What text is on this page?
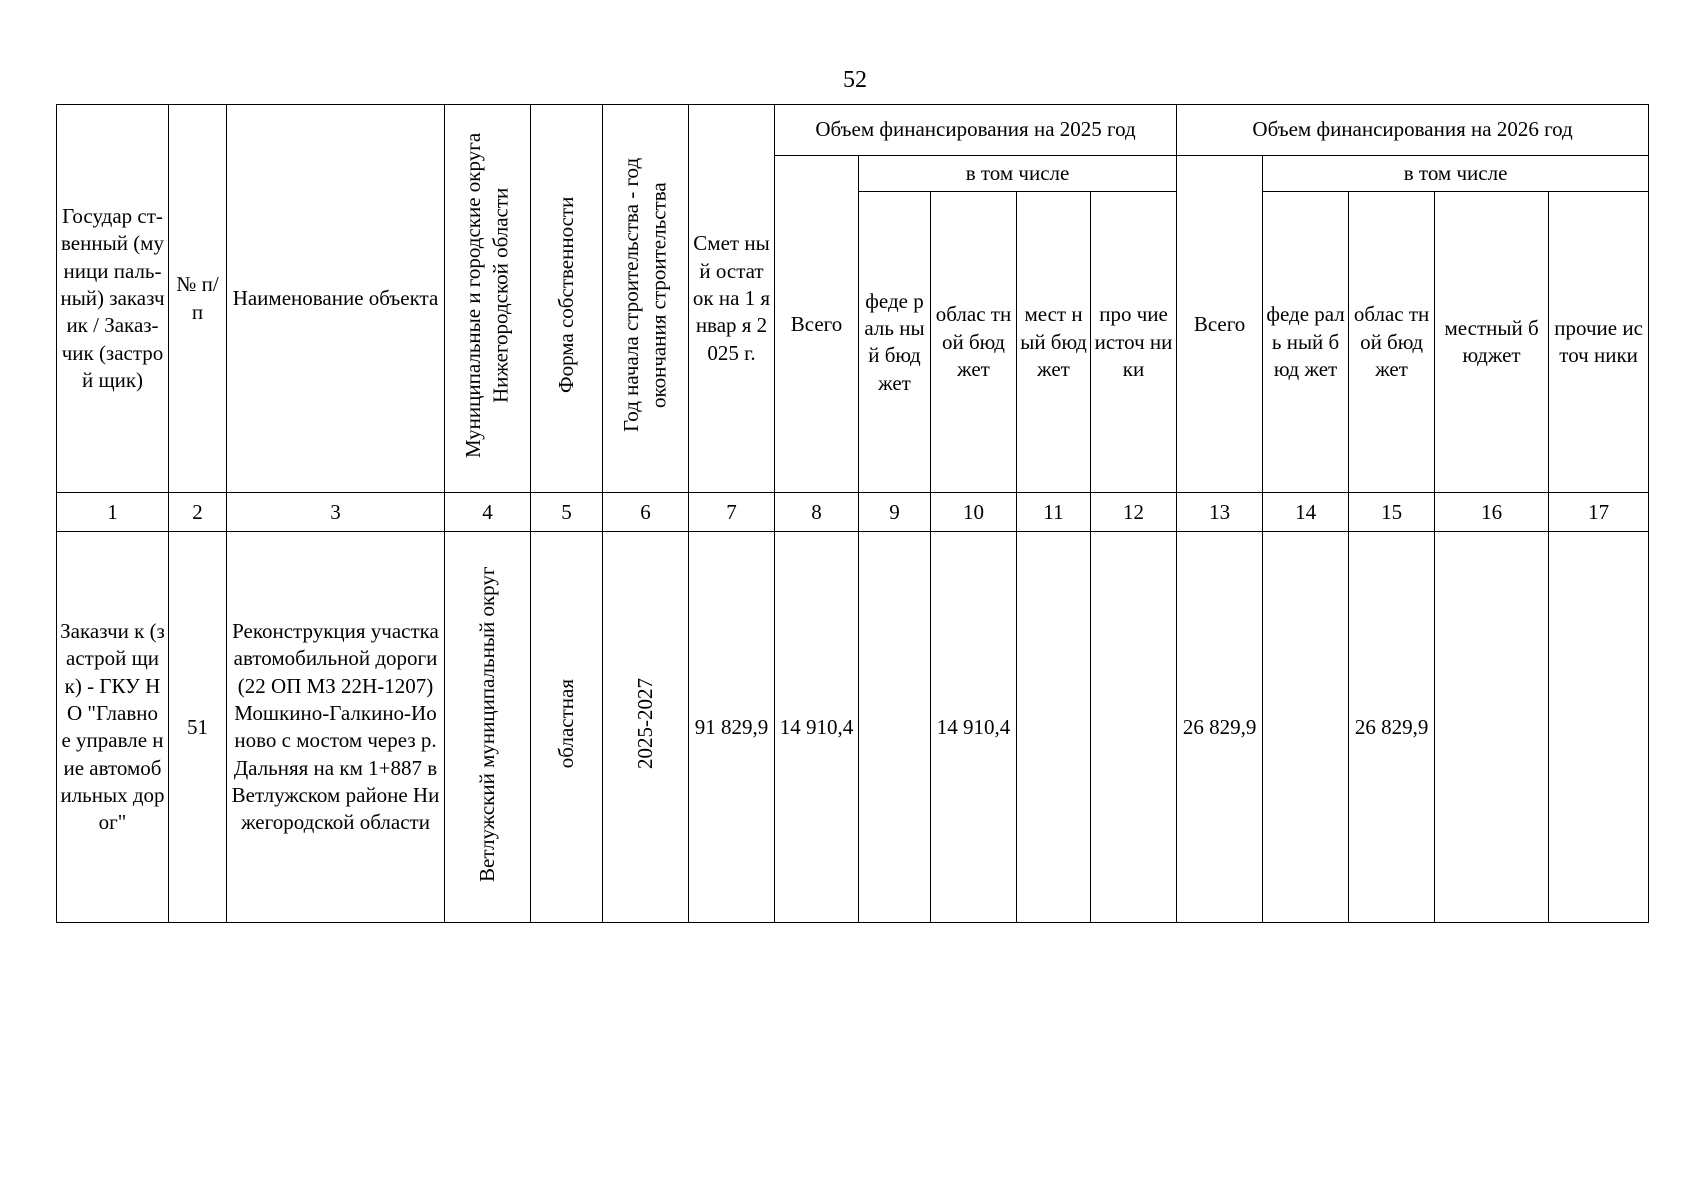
52
Государ ст- венный (муници паль- ный) заказчик / Заказ- чик (застрой щик)	№ п/п	Наименование объекта	Муниципальные и городские округа Нижегородской области	Форма собственности	Год начала строительства - год окончания строительства	Смет ный остат ок на 1 январ я 2025 г.	Объем финансирования на 2025 год					Объем финансирования на 2026 год				
							Всего	в том числе				Всего	в том числе			
								феде раль ный бюд жет	облас тной бюд жет	мест ный бюд жет	про чие источ ники		феде раль ный бюд жет	облас тной бюд жет	местный бюджет	прочие источ ники
1	2	3	4	5	6	7	8	9	10	11	12	13	14	15	16	17
Заказчи к (застрой щик) - ГКУ НО "Главно е управле ние автомоб ильных дорог"	51	Реконструкция участка автомобильной дороги (22 ОП МЗ 22Н-1207) Мошкино-Галкино-Ионово с мостом через р.Дальняя на км 1+887 в Ветлужском районе Нижегородской области	Ветлужский муниципальный округ	областная	2025-2027	91 829,9	14 910,4		14 910,4			26 829,9		26 829,9		
